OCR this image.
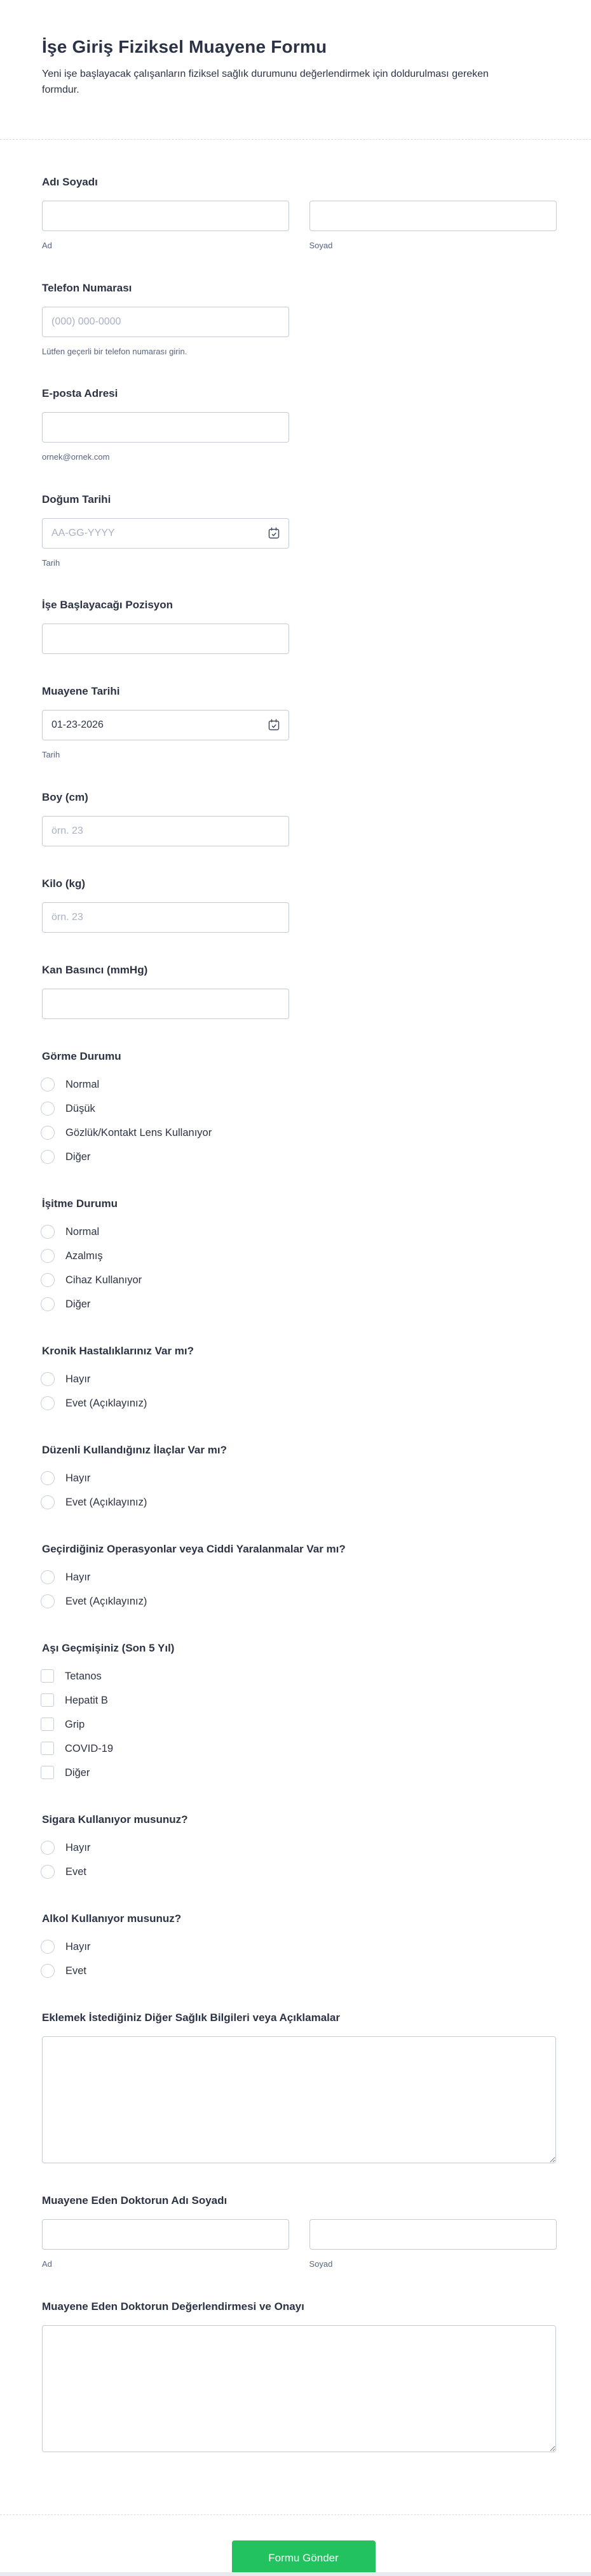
İşe Giriş Fiziksel Muayene Formu
Yeni işe başlayacak çalışanların fiziksel sağlık durumunu değerlendirmek için doldurulması gereken formdur.
Adı Soyadı
Ad	Soyad
Telefon Numarası
(000) 000-0000
Lütfen geçerli bir telefon numarası girin.
E-posta Adresi
ornek@ornek.com
Doğum Tarihi
AA-GG-YYYY
Tarih
İşe Başlayacağı Pozisyon
Muayene Tarihi
01-23-2026
Tarih
Boy (cm)
örn. 23
Kilo (kg)
örn. 23
Kan Basıncı (mmHg)
Görme Durumu
Normal
Düşük
Gözlük/Kontakt Lens Kullanıyor
Diğer
İşitme Durumu
Normal
Azalmış
Cihaz Kullanıyor
Diğer
Kronik Hastalıklarınız Var mı?
Hayır
Evet (Açıklayınız)
Düzenli Kullandığınız İlaçlar Var mı?
Hayır
Evet (Açıklayınız)
Geçirdiğiniz Operasyonlar veya Ciddi Yaralanmalar Var mı?
Hayır
Evet (Açıklayınız)
Aşı Geçmişiniz (Son 5 Yıl)
Tetanos
Hepatit B
Grip
COVID-19
Diğer
Sigara Kullanıyor musunuz?
Hayır
Evet
Alkol Kullanıyor musunuz?
Hayır
Evet
Eklemek İstediğiniz Diğer Sağlık Bilgileri veya Açıklamalar
Muayene Eden Doktorun Adı Soyadı
Ad	Soyad
Muayene Eden Doktorun Değerlendirmesi ve Onayı
Formu Gönder
